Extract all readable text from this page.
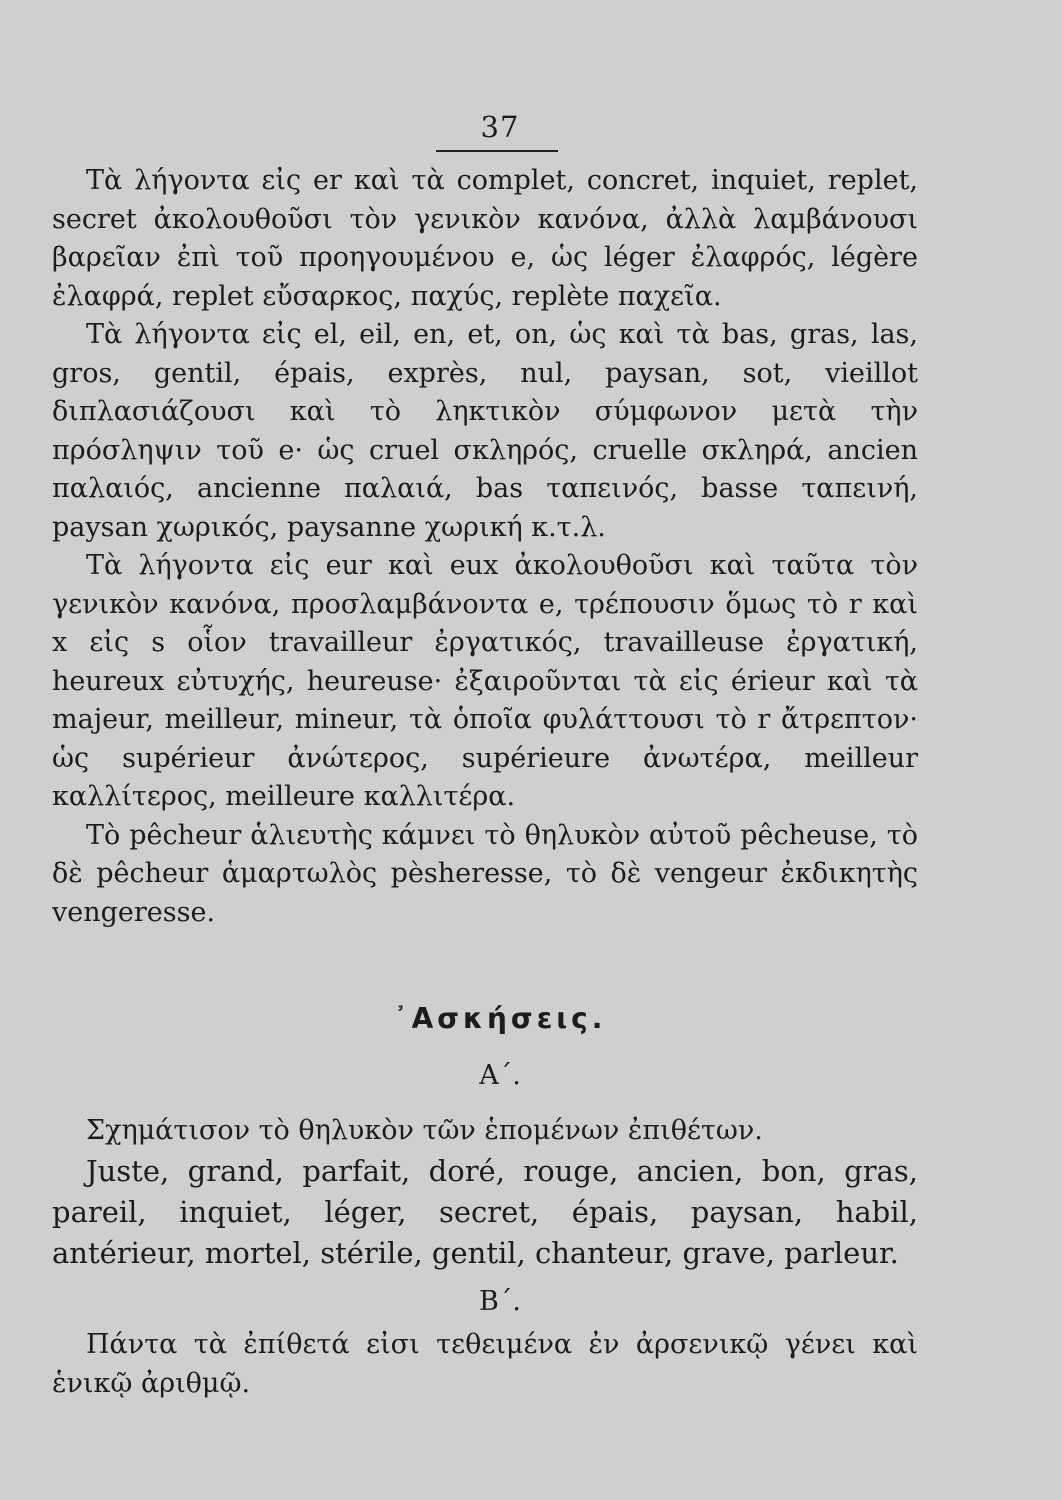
37

Τὰ λήγοντα εἰς er καὶ τὰ complet, concret, inquiet, replet, secret ἀκολουθοῦσι τὸν γενικὸν κανόνα, ἀλλὰ λαμβάνουσι βαρεῖαν ἐπὶ τοῦ προηγουμένου e, ὡς léger ἐλαφρός, légère ἐλαφρά, replet εὔσαρκος, παχύς, replète παχεῖα.

Τὰ λήγοντα εἰς el, eil, en, et, on, ὡς καὶ τὰ bas, gras, las, gros, gentil, épais, exprès, nul, paysan, sot, vieillot διπλασιάζουσι καὶ τὸ ληκτικὸν σύμφωνον μετὰ τὴν πρόσληψιν τοῦ e· ὡς cruel σκληρός, cruelle σκληρά, ancien παλαιός, ancienne παλαιά, bas ταπεινός, basse ταπεινή, paysan χωρικός, paysanne χωρική κ.τ.λ.

Τὰ λήγοντα εἰς eur καὶ eux ἀκολουθοῦσι καὶ ταῦτα τὸν γενικὸν κανόνα, προσλαμβάνοντα e, τρέπουσιν ὅμως τὸ r καὶ x εἰς s οἷον travailleur ἐργατικός, travailleuse ἐργατική, heureux εὐτυχής, heureuse· ἐξαιροῦνται τὰ εἰς érieur καὶ τὰ majeur, meilleur, mineur, τὰ ὁποῖα φυλάττουσι τὸ r ἄτρεπτον· ὡς supérieur ἀνώτερος, supérieure ἀνωτέρα, meilleur καλλίτερος, meilleure καλλιτέρα.

Τὸ pêcheur ἁλιευτὴς κάμνει τὸ θηλυκὸν αὐτοῦ pêcheuse, τὸ δὲ pêcheur ἁμαρτωλὸς pèsheresse, τὸ δὲ vengeur ἐκδικητὴς vengeresse.

᾿Ασκήσεις.
Α΄.

Σχημάτισον τὸ θηλυκὸν τῶν ἑπομένων ἐπιθέτων.

Juste, grand, parfait, doré, rouge, ancien, bon, gras, pareil, inquiet, léger, secret, épais, paysan, habil, antérieur, mortel, stérile, gentil, chanteur, grave, parleur.

Β΄.

Πάντα τὰ ἐπίθετά εἰσι τεθειμένα ἐν ἀρσενικῷ γένει καὶ ἑνικῷ ἀριθμῷ.
